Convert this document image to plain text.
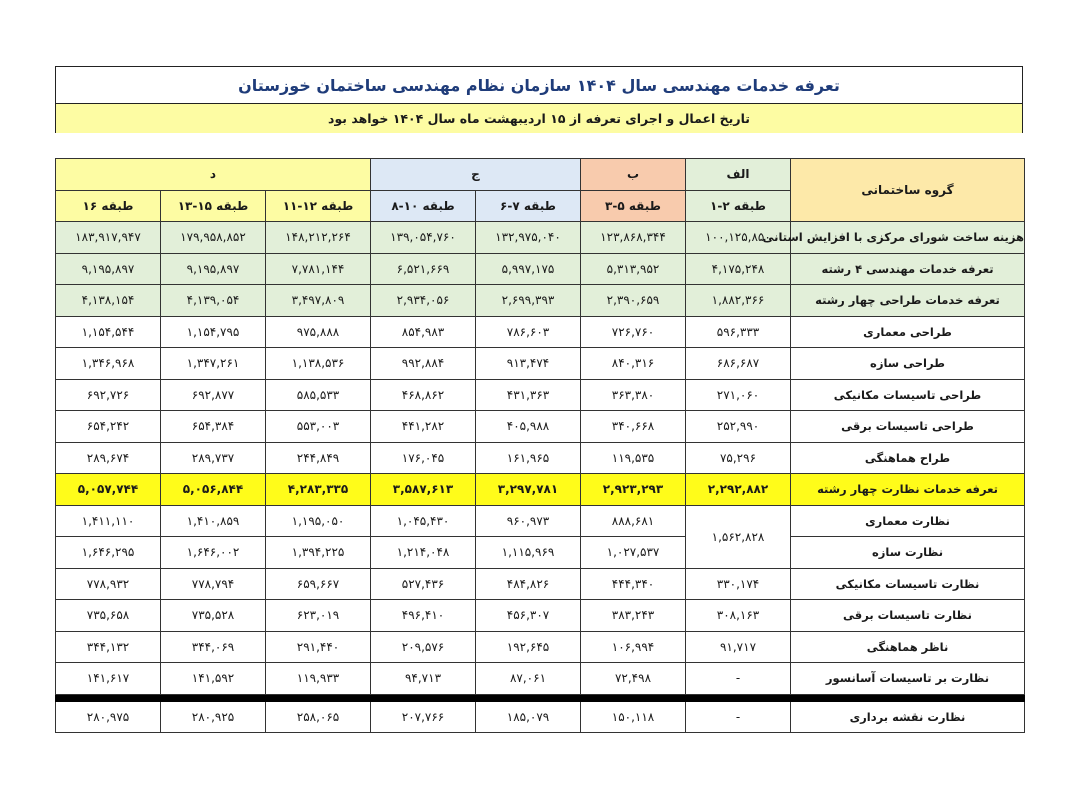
تعرفه خدمات مهندسی سال ۱۴۰۴ سازمان نظام مهندسی ساختمان خوزستان
تاریخ اعمال و اجرای تعرفه از ۱۵ اردیبهشت ماه سال ۱۴۰۴ خواهد بود
د			ج		ب	الف	گروه ساختمانی
۱۶ طبقه	۱۳-۱۵ طبقه	۱۱-۱۲ طبقه	۸-۱۰ طبقه	۶-۷ طبقه	۳-۵ طبقه	۱-۲ طبقه	
۱۸۳,۹۱۷,۹۴۷	۱۷۹,۹۵۸,۸۵۲	۱۴۸,۲۱۲,۲۶۴	۱۳۹,۰۵۴,۷۶۰	۱۳۲,۹۷۵,۰۴۰	۱۲۳,۸۶۸,۳۴۴	۱۰۰,۱۲۵,۸۵۰	هزینه ساخت شورای مرکزی با افزایش استانی
۹,۱۹۵,۸۹۷	۹,۱۹۵,۸۹۷	۷,۷۸۱,۱۴۴	۶,۵۲۱,۶۶۹	۵,۹۹۷,۱۷۵	۵,۳۱۳,۹۵۲	۴,۱۷۵,۲۴۸	تعرفه خدمات مهندسی ۴ رشته
۴,۱۳۸,۱۵۴	۴,۱۳۹,۰۵۴	۳,۴۹۷,۸۰۹	۲,۹۳۴,۰۵۶	۲,۶۹۹,۳۹۳	۲,۳۹۰,۶۵۹	۱,۸۸۲,۳۶۶	تعرفه خدمات طراحی چهار رشته
۱,۱۵۴,۵۴۴	۱,۱۵۴,۷۹۵	۹۷۵,۸۸۸	۸۵۴,۹۸۳	۷۸۶,۶۰۳	۷۲۶,۷۶۰	۵۹۶,۳۳۳	طراحی معماری
۱,۳۴۶,۹۶۸	۱,۳۴۷,۲۶۱	۱,۱۳۸,۵۳۶	۹۹۲,۸۸۴	۹۱۳,۴۷۴	۸۴۰,۳۱۶	۶۸۶,۶۸۷	طراحی سازه
۶۹۲,۷۲۶	۶۹۲,۸۷۷	۵۸۵,۵۳۳	۴۶۸,۸۶۲	۴۳۱,۳۶۳	۳۶۳,۳۸۰	۲۷۱,۰۶۰	طراحی تاسیسات مکانیکی
۶۵۴,۲۴۲	۶۵۴,۳۸۴	۵۵۳,۰۰۳	۴۴۱,۲۸۲	۴۰۵,۹۸۸	۳۴۰,۶۶۸	۲۵۲,۹۹۰	طراحی تاسیسات برقی
۲۸۹,۶۷۴	۲۸۹,۷۳۷	۲۴۴,۸۴۹	۱۷۶,۰۴۵	۱۶۱,۹۶۵	۱۱۹,۵۳۵	۷۵,۲۹۶	طراح هماهنگی
۵,۰۵۷,۷۴۴	۵,۰۵۶,۸۴۴	۴,۲۸۳,۳۳۵	۳,۵۸۷,۶۱۳	۳,۲۹۷,۷۸۱	۲,۹۲۳,۲۹۳	۲,۲۹۲,۸۸۲	تعرفه خدمات نظارت چهار رشته
۱,۴۱۱,۱۱۰	۱,۴۱۰,۸۵۹	۱,۱۹۵,۰۵۰	۱,۰۴۵,۴۳۰	۹۶۰,۹۷۳	۸۸۸,۶۸۱	۱,۵۶۲,۸۲۸	نظارت معماری
۱,۶۴۶,۲۹۵	۱,۶۴۶,۰۰۲	۱,۳۹۴,۲۲۵	۱,۲۱۴,۰۴۸	۱,۱۱۵,۹۶۹	۱,۰۲۷,۵۳۷		نظارت سازه
۷۷۸,۹۳۲	۷۷۸,۷۹۴	۶۵۹,۶۶۷	۵۲۷,۴۳۶	۴۸۴,۸۲۶	۴۴۴,۳۴۰	۳۳۰,۱۷۴	نظارت تاسیسات مکانیکی
۷۳۵,۶۵۸	۷۳۵,۵۲۸	۶۲۳,۰۱۹	۴۹۶,۴۱۰	۴۵۶,۳۰۷	۳۸۳,۲۴۳	۳۰۸,۱۶۳	نظارت تاسیسات برقی
۳۴۴,۱۳۲	۳۴۴,۰۶۹	۲۹۱,۴۴۰	۲۰۹,۵۷۶	۱۹۲,۶۴۵	۱۰۶,۹۹۴	۹۱,۷۱۷	ناظر هماهنگی
۱۴۱,۶۱۷	۱۴۱,۵۹۲	۱۱۹,۹۳۳	۹۴,۷۱۳	۸۷,۰۶۱	۷۲,۴۹۸	-	نظارت بر تاسیسات آسانسور

۲۸۰,۹۷۵	۲۸۰,۹۲۵	۲۵۸,۰۶۵	۲۰۷,۷۶۶	۱۸۵,۰۷۹	۱۵۰,۱۱۸	-	نظارت نقشه برداری
